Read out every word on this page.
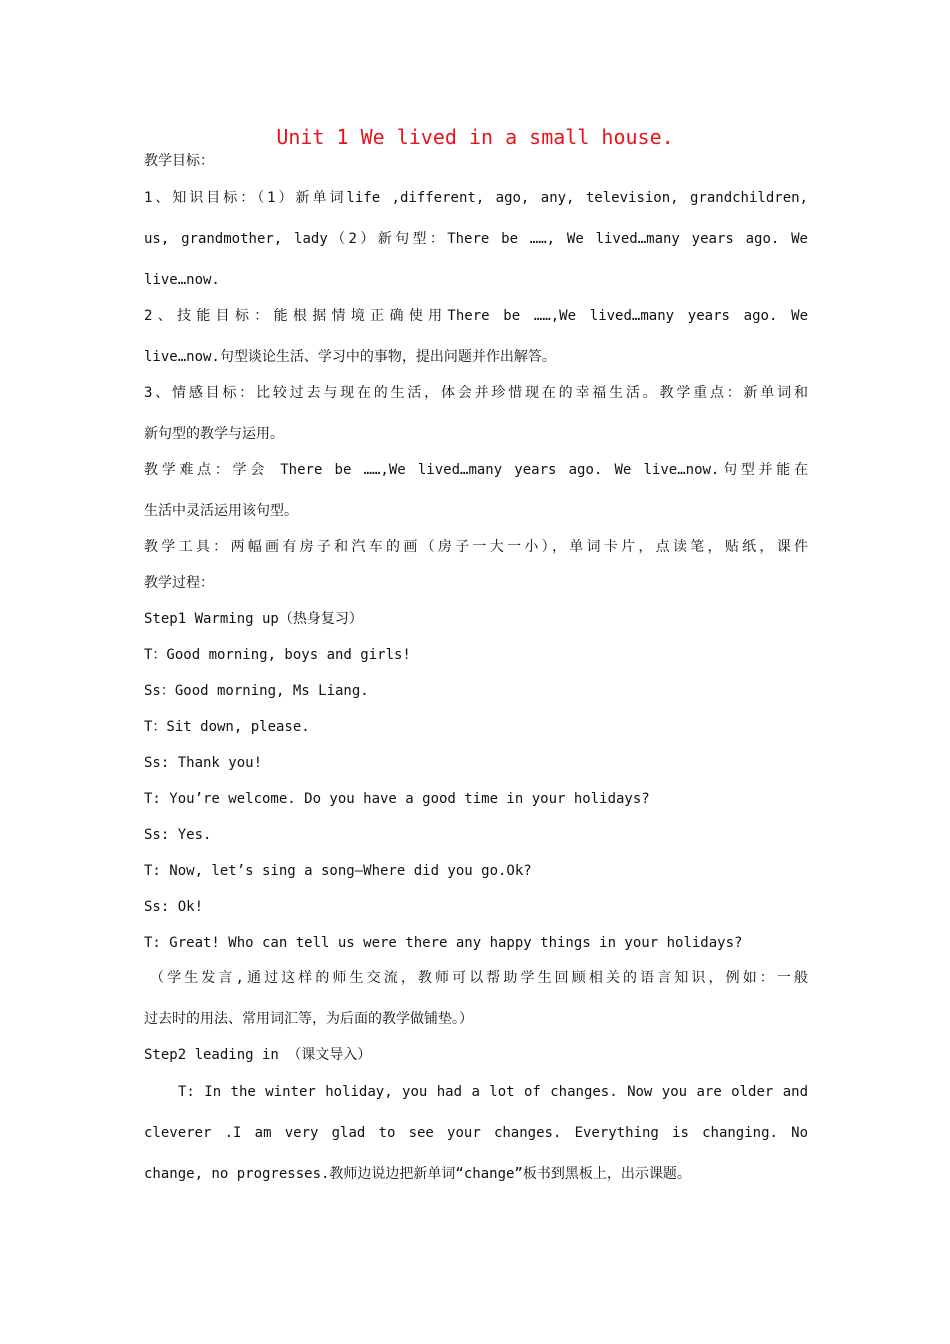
Unit 1 We lived in a small house.
教学目标：
1、知识目标：（1）新单词life ,different, ago, any, television, grandchildren,
us, grandmother, lady（2）新句型：There be ……, We lived…many years ago. We
live…now.
2、技能目标：能根据情境正确使用There be ……,We lived…many years ago. We
live…now.句型谈论生活、学习中的事物，提出问题并作出解答。
3、情感目标：比较过去与现在的生活，体会并珍惜现在的幸福生活。教学重点：新单词和
新句型的教学与运用。
教学难点：学会 There be ……,We lived…many years ago. We live…now.句型并能在
生活中灵活运用该句型。
教学工具：两幅画有房子和汽车的画（房子一大一小），单词卡片，点读笔，贴纸，课件
教学过程：
Step1 Warming up（热身复习）
T：Good morning, boys and girls!
Ss：Good morning, Ms Liang.
T：Sit down, please.
Ss: Thank you!
T: You’re welcome. Do you have a good time in your holidays?
Ss: Yes.
T: Now, let’s sing a song—Where did you go.Ok?
Ss: Ok!
T: Great! Who can tell us were there any happy things in your holidays?
（学生发言,通过这样的师生交流，教师可以帮助学生回顾相关的语言知识，例如：一般
过去时的用法、常用词汇等，为后面的教学做铺垫。）
Step2 leading in （课文导入）
T: In the winter holiday, you had a lot of changes. Now you are older and
cleverer .I am very glad to see your changes. Everything is changing. No
change, no progresses.教师边说边把新单词“change”板书到黑板上，出示课题。
